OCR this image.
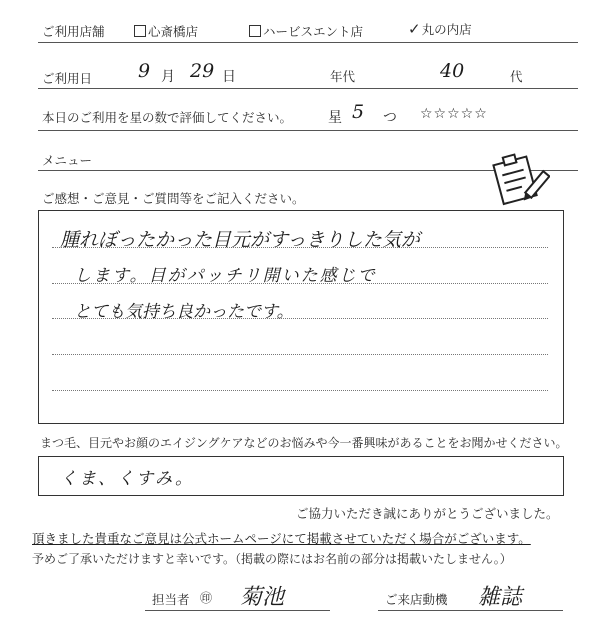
ご利用店舗	心斎橋店	ハービスエント店	✓丸の内店
ご利用日 9 月 29 日	年代	40	代
本日のご利用を星の数で評価してください。	星 5 つ ☆☆☆☆☆
メニュー
ご感想・ご意見・ご質問等をご記入ください。
腫れぼったかった目元がすっきりした気が
します。目がパッチリ開いた感じで
とても気持ち良かったです。
まつ毛、目元やお顔のエイジングケアなどのお悩みや今一番興味があることをお聞かせください。
くま、くすみ。
ご協力いただき誠にありがとうございました。
頂きました貴重なご意見は公式ホームページにて掲載させていただく場合がございます。
予めご了承いただけますと幸いです。（掲載の際にはお名前の部分は掲載いたしません。）
担当者 ㊞ 菊池	ご来店動機 雑誌
